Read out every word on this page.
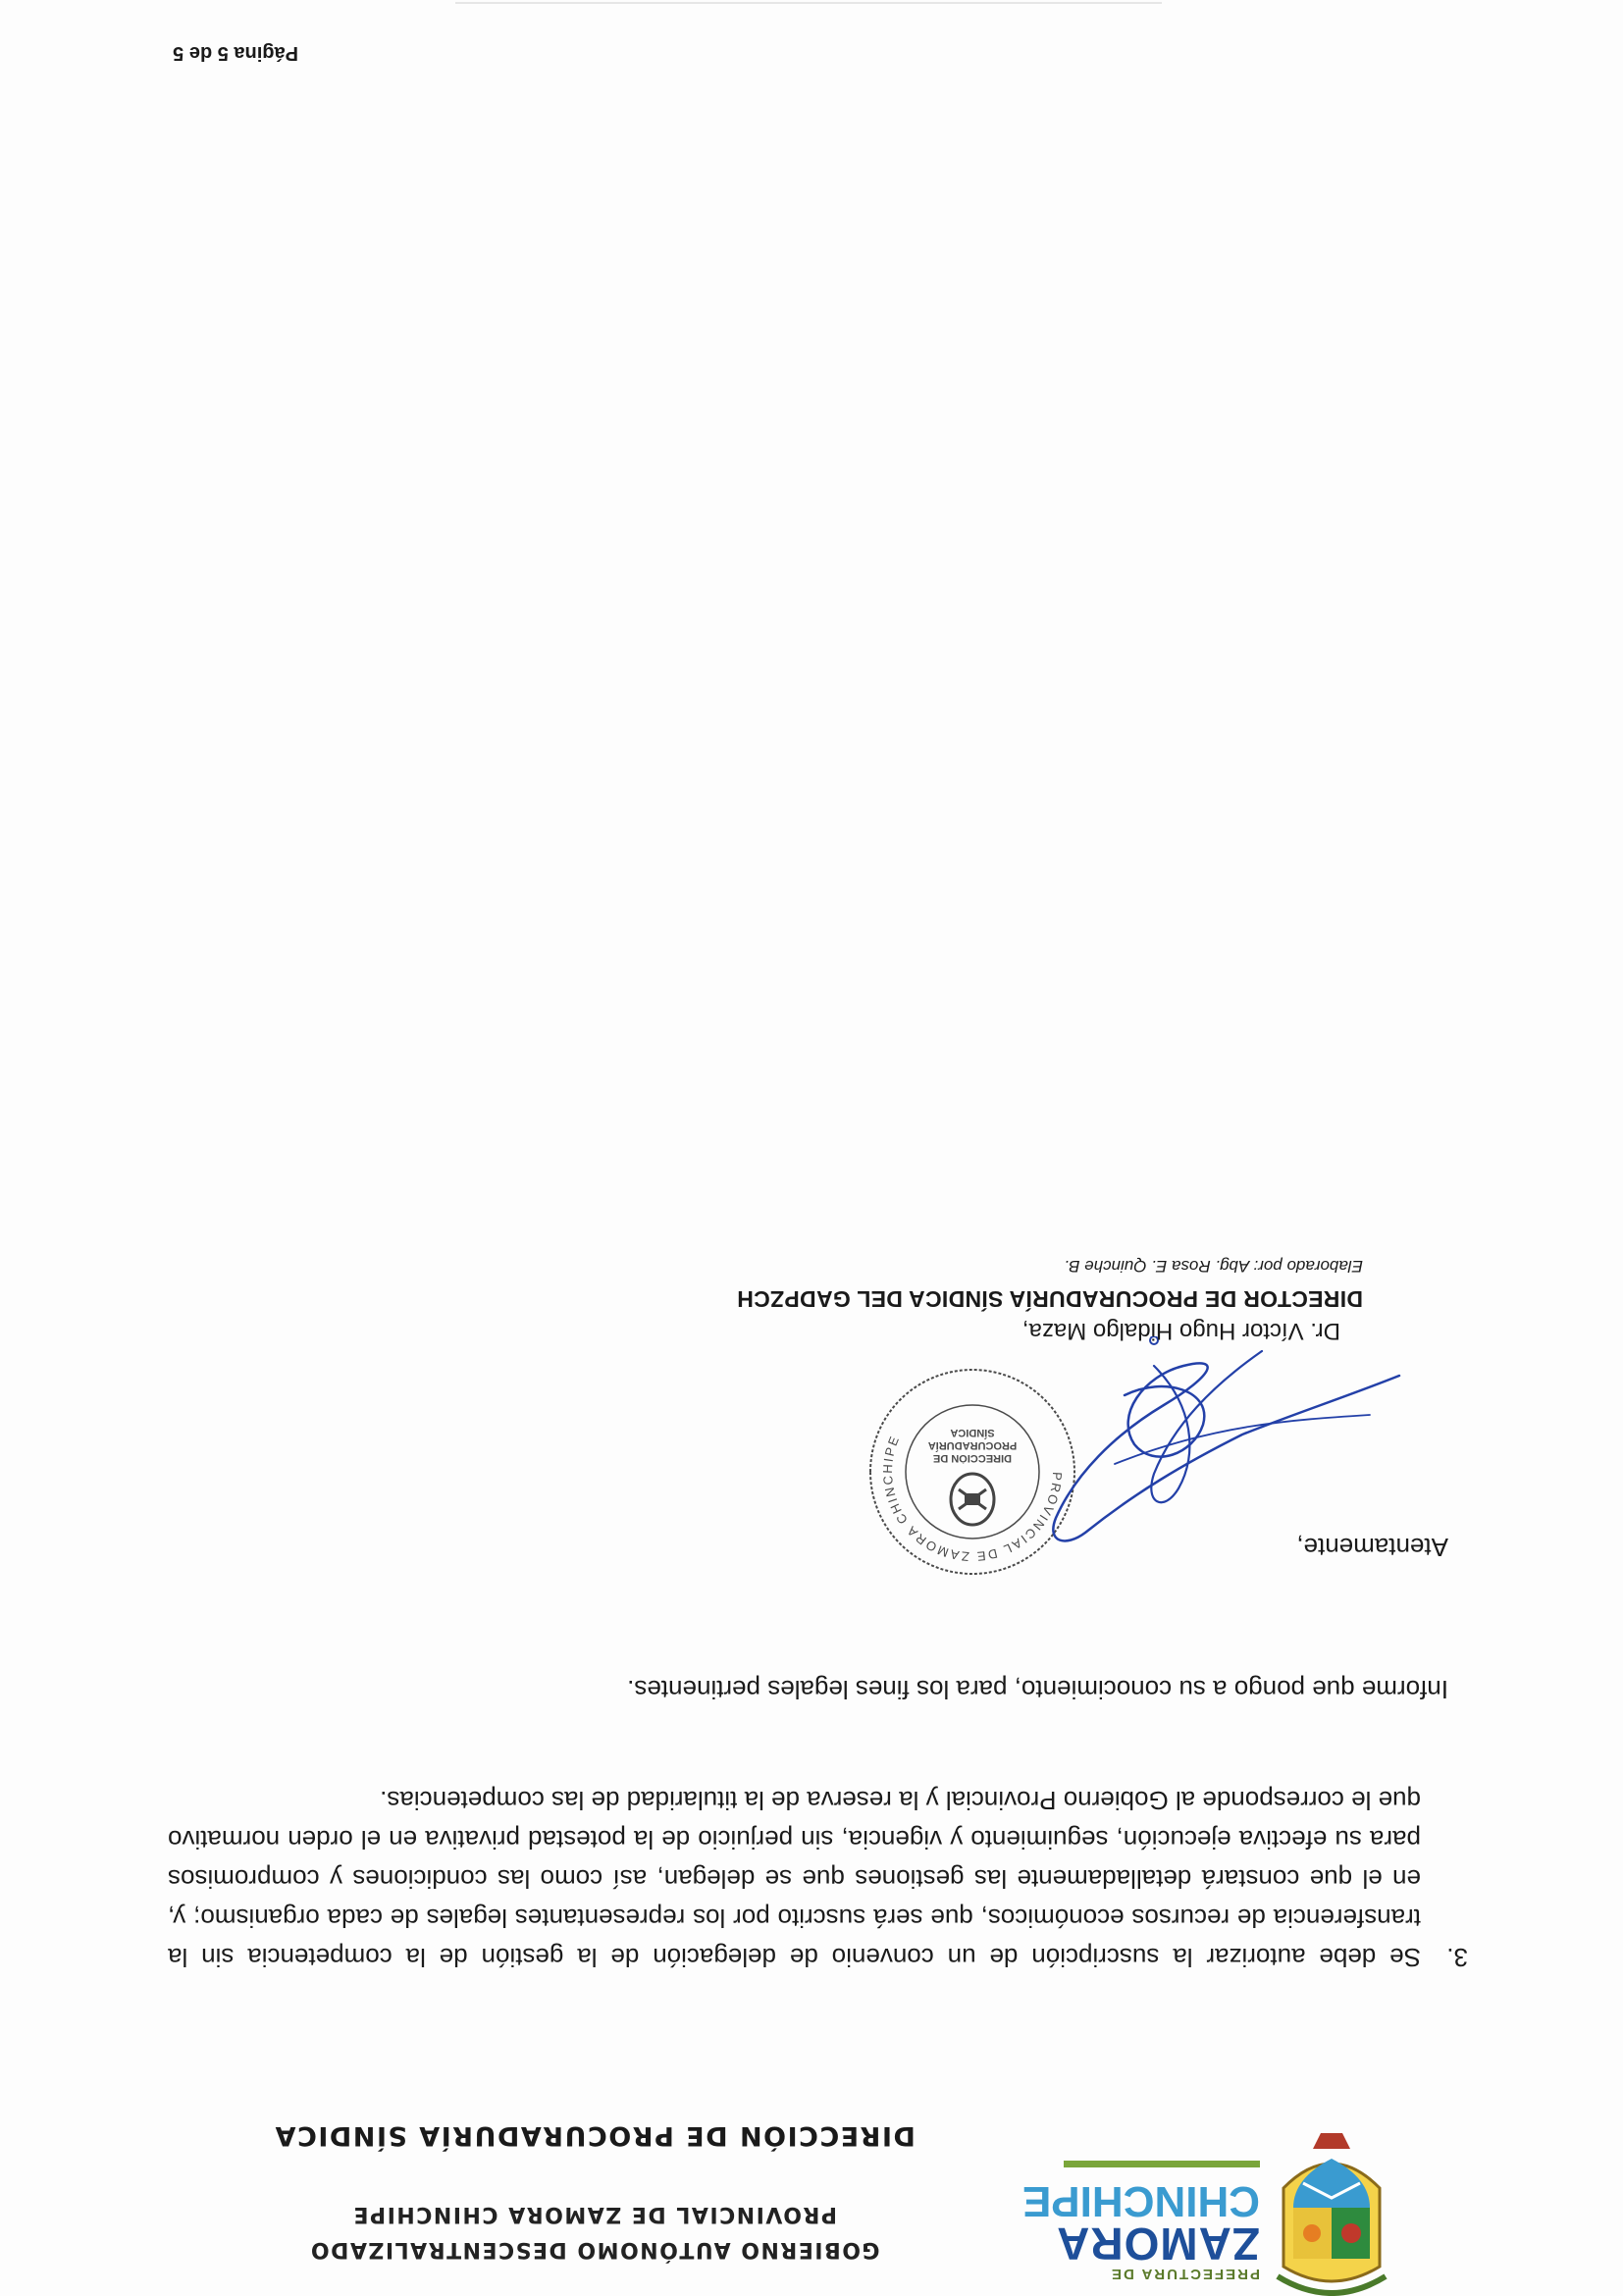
PREFECTURA DE
ZAMORA
CHINCHIPE
GOBIERNO AUTÓNOMO DESCENTRALIZADO
PROVINCIAL DE ZAMORA CHINCHIPE
DIRECCIÓN DE PROCURADURÍA SÍNDICA
3.
Se debe autorizar la suscripción de un convenio de delegación de la gestión de la competencia sin la transferencia de recursos económicos, que será suscrito por los representantes legales de cada organismo; y, en el que constará detalladamente las gestiones que se delegan, así como las condiciones y compromisos para su efectiva ejecución, seguimiento y vigencia, sin perjuicio de la potestad privativa en el orden normativo que le corresponde al Gobierno Provincial y la reserva de la titularidad de las competencias.
Informe que pongo a su conocimiento, para los fines legales pertinentes.
Atentamente,
PROVINCIAL DE ZAMORA CHINCHIPE
DIRECCIÓN DE PROCURADURÍA SÍNDICA
Dr. Víctor Hugo Hidalgo Maza,
DIRECTOR DE PROCURADURÍA SÍNDICA DEL GADPZCH
Elaborado por: Abg. Rosa E. Quinche B.
Página 5 de 5
